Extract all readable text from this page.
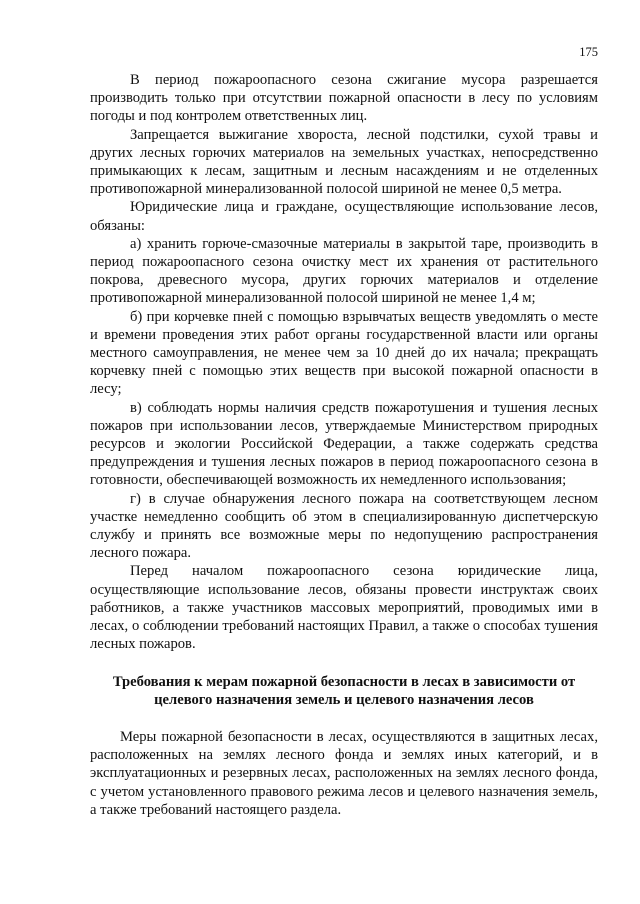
175

В период пожароопасного сезона сжигание мусора разрешается производить только при отсутствии пожарной опасности в лесу по условиям погоды и под контролем ответственных лиц.

Запрещается выжигание хвороста, лесной подстилки, сухой травы и других лесных горючих материалов на земельных участках, непосредственно примыкающих к лесам, защитным и лесным насаждениям и не отделенных противопожарной минерализованной полосой шириной не менее 0,5 метра.

Юридические лица и граждане, осуществляющие использование лесов, обязаны:

а) хранить горюче-смазочные материалы в закрытой таре, производить в период пожароопасного сезона очистку мест их хранения от растительного покрова, древесного мусора, других горючих материалов и отделение противопожарной минерализованной полосой шириной не менее 1,4 м;

б) при корчевке пней с помощью взрывчатых веществ уведомлять о месте и времени проведения этих работ органы государственной власти или органы местного самоуправления, не менее чем за 10 дней до их начала; прекращать корчевку пней с помощью этих веществ при высокой пожарной опасности в лесу;

в) соблюдать нормы наличия средств пожаротушения и тушения лесных пожаров при использовании лесов, утверждаемые Министерством природных ресурсов и экологии Российской Федерации, а также содержать средства предупреждения и тушения лесных пожаров в период пожароопасного сезона в готовности, обеспечивающей возможность их немедленного использования;

г) в случае обнаружения лесного пожара на соответствующем лесном участке немедленно сообщить об этом в специализированную диспетчерскую службу и принять все возможные меры по недопущению распространения лесного пожара.

Перед началом пожароопасного сезона юридические лица, осуществляющие использование лесов, обязаны провести инструктаж своих работников, а также участников массовых мероприятий, проводимых ими в лесах, о соблюдении требований настоящих Правил, а также о способах тушения лесных пожаров.

Требования к мерам пожарной безопасности в лесах в зависимости от
целевого назначения земель и целевого назначения лесов

Меры пожарной безопасности в лесах, осуществляются в защитных лесах, расположенных на землях лесного фонда и землях иных категорий, и в эксплуатационных и резервных лесах, расположенных на землях лесного фонда, с учетом установленного правового режима лесов и целевого назначения земель, а также требований настоящего раздела.
